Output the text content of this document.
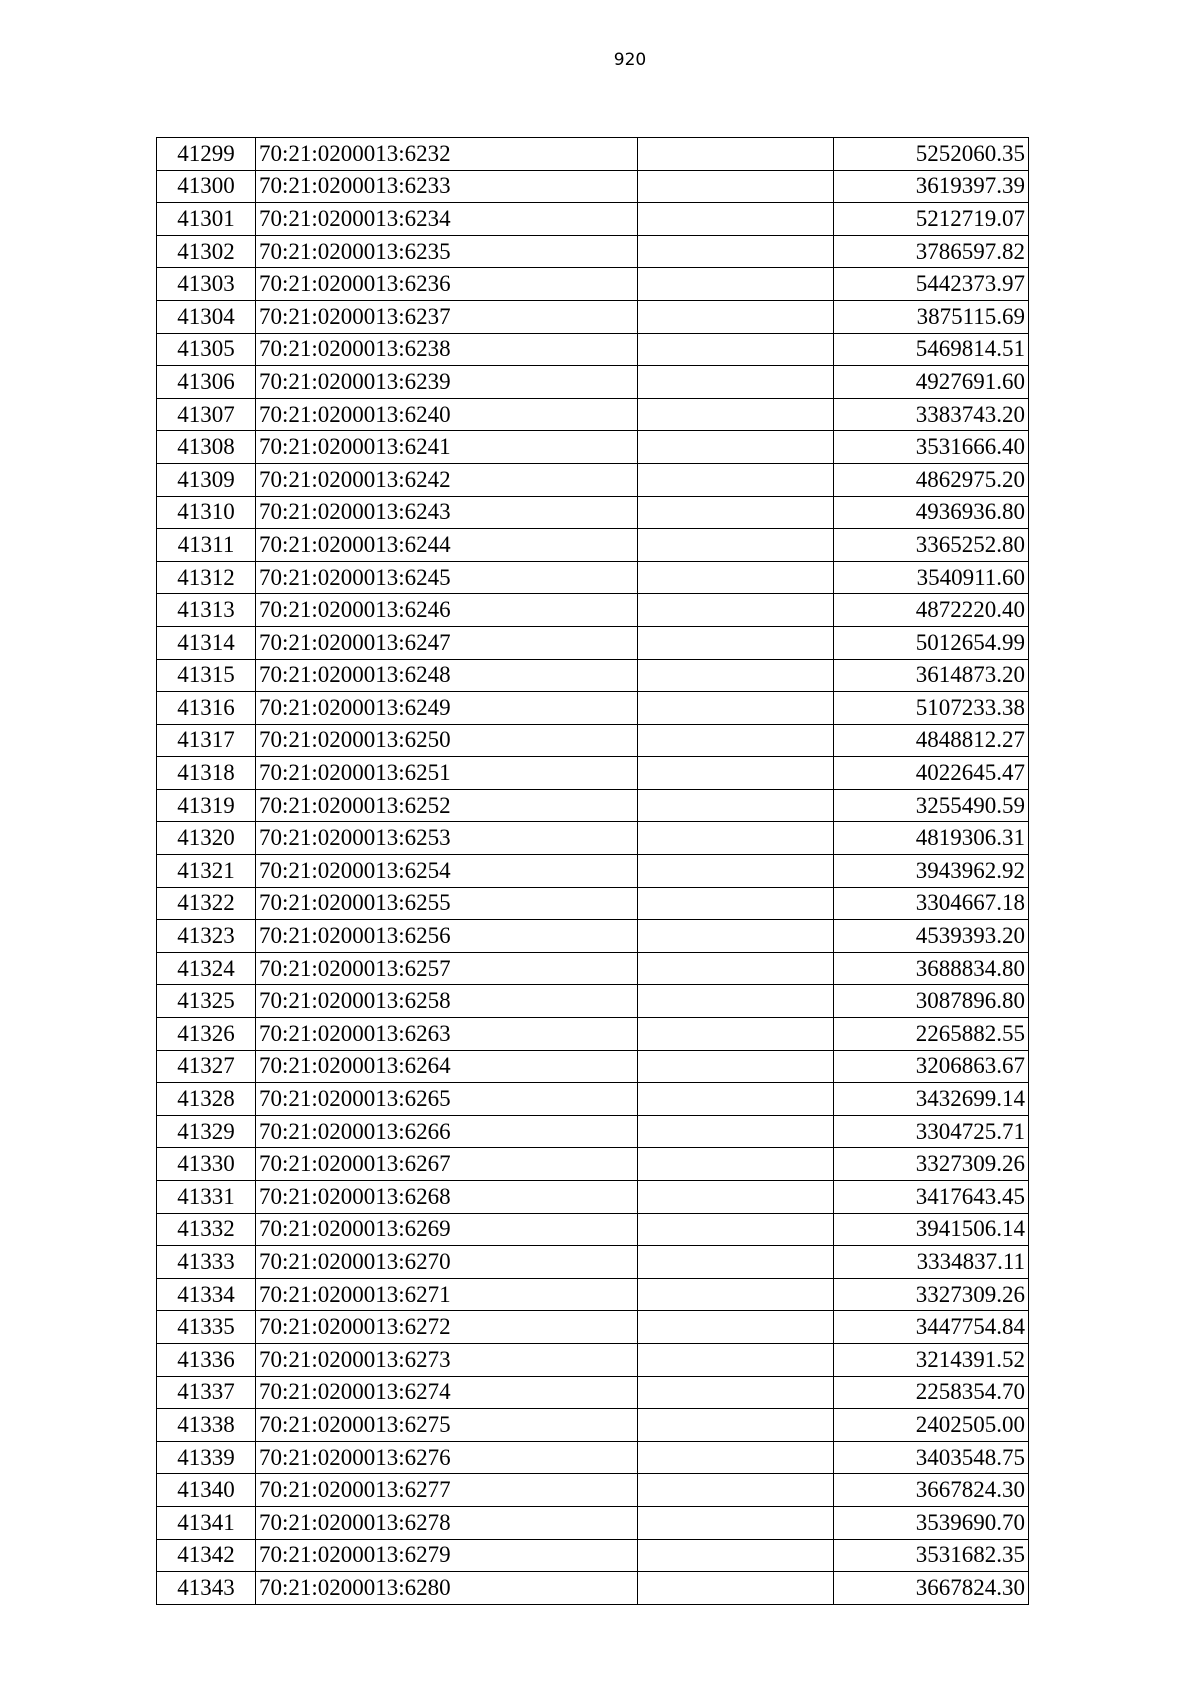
920
41299	70:21:0200013:6232		5252060.35
41300	70:21:0200013:6233		3619397.39
41301	70:21:0200013:6234		5212719.07
41302	70:21:0200013:6235		3786597.82
41303	70:21:0200013:6236		5442373.97
41304	70:21:0200013:6237		3875115.69
41305	70:21:0200013:6238		5469814.51
41306	70:21:0200013:6239		4927691.60
41307	70:21:0200013:6240		3383743.20
41308	70:21:0200013:6241		3531666.40
41309	70:21:0200013:6242		4862975.20
41310	70:21:0200013:6243		4936936.80
41311	70:21:0200013:6244		3365252.80
41312	70:21:0200013:6245		3540911.60
41313	70:21:0200013:6246		4872220.40
41314	70:21:0200013:6247		5012654.99
41315	70:21:0200013:6248		3614873.20
41316	70:21:0200013:6249		5107233.38
41317	70:21:0200013:6250		4848812.27
41318	70:21:0200013:6251		4022645.47
41319	70:21:0200013:6252		3255490.59
41320	70:21:0200013:6253		4819306.31
41321	70:21:0200013:6254		3943962.92
41322	70:21:0200013:6255		3304667.18
41323	70:21:0200013:6256		4539393.20
41324	70:21:0200013:6257		3688834.80
41325	70:21:0200013:6258		3087896.80
41326	70:21:0200013:6263		2265882.55
41327	70:21:0200013:6264		3206863.67
41328	70:21:0200013:6265		3432699.14
41329	70:21:0200013:6266		3304725.71
41330	70:21:0200013:6267		3327309.26
41331	70:21:0200013:6268		3417643.45
41332	70:21:0200013:6269		3941506.14
41333	70:21:0200013:6270		3334837.11
41334	70:21:0200013:6271		3327309.26
41335	70:21:0200013:6272		3447754.84
41336	70:21:0200013:6273		3214391.52
41337	70:21:0200013:6274		2258354.70
41338	70:21:0200013:6275		2402505.00
41339	70:21:0200013:6276		3403548.75
41340	70:21:0200013:6277		3667824.30
41341	70:21:0200013:6278		3539690.70
41342	70:21:0200013:6279		3531682.35
41343	70:21:0200013:6280		3667824.30
